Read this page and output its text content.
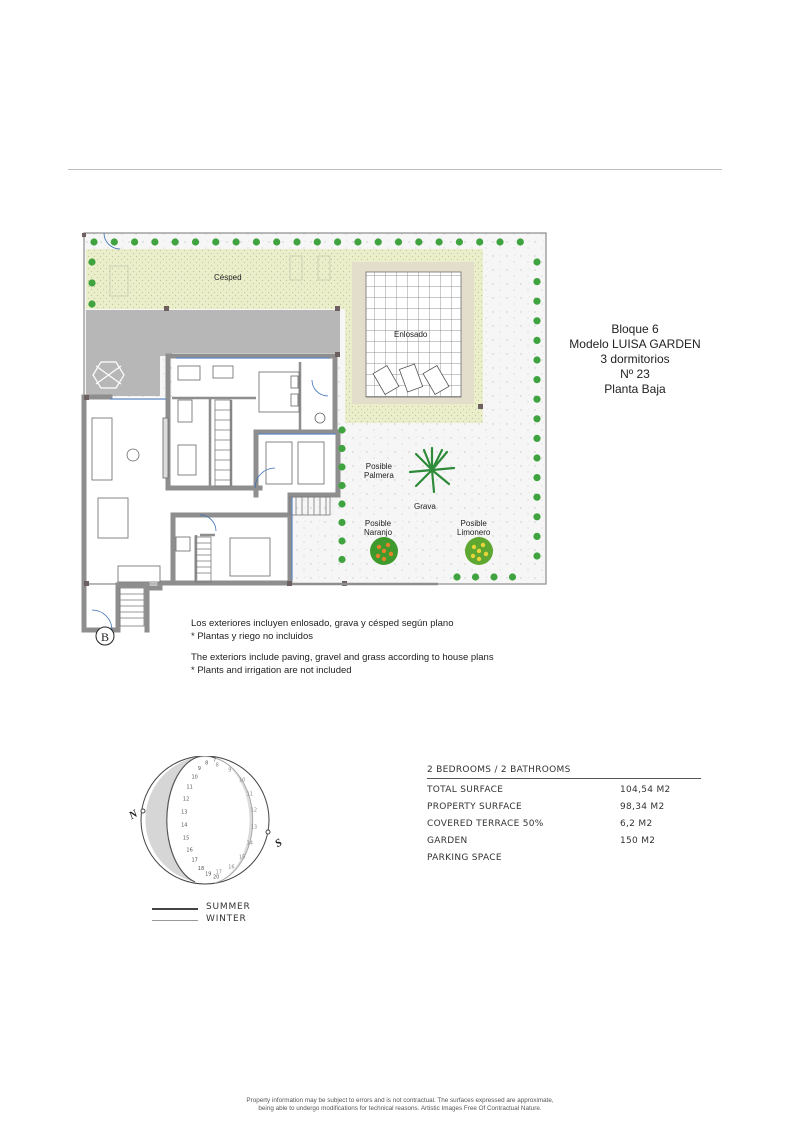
B
Césped
Enlosado
Posible
Palmera
Grava
Posible
Naranjo
Posible
Limonero
Bloque 6
Modelo LUISA GARDEN
3 dormitorios
Nº 23
Planta Baja
Los exteriores incluyen enlosado, grava y césped según plano
* Plantas y riego no incluidos
The exteriors include paving, gravel and grass according to house plans
* Plants and irrigation are not included
7
8
9
10
11
12
13
14
15
16
17
18
19 20
8
9
10
11
12
13
14
15
16
17
N
S
SUMMER
WINTER
2 BEDROOMS / 2 BATHROOMS
TOTAL SURFACE	104,54 M2
PROPERTY SURFACE	98,34 M2
COVERED TERRACE 50%	6,2 M2
GARDEN	150 M2
PARKING SPACE
Property information may be subject to errors and is not contractual. The surfaces expressed are approximate,
being able to undergo modifications for technical reasons. Artistic Images Free Of Contractual Nature.
